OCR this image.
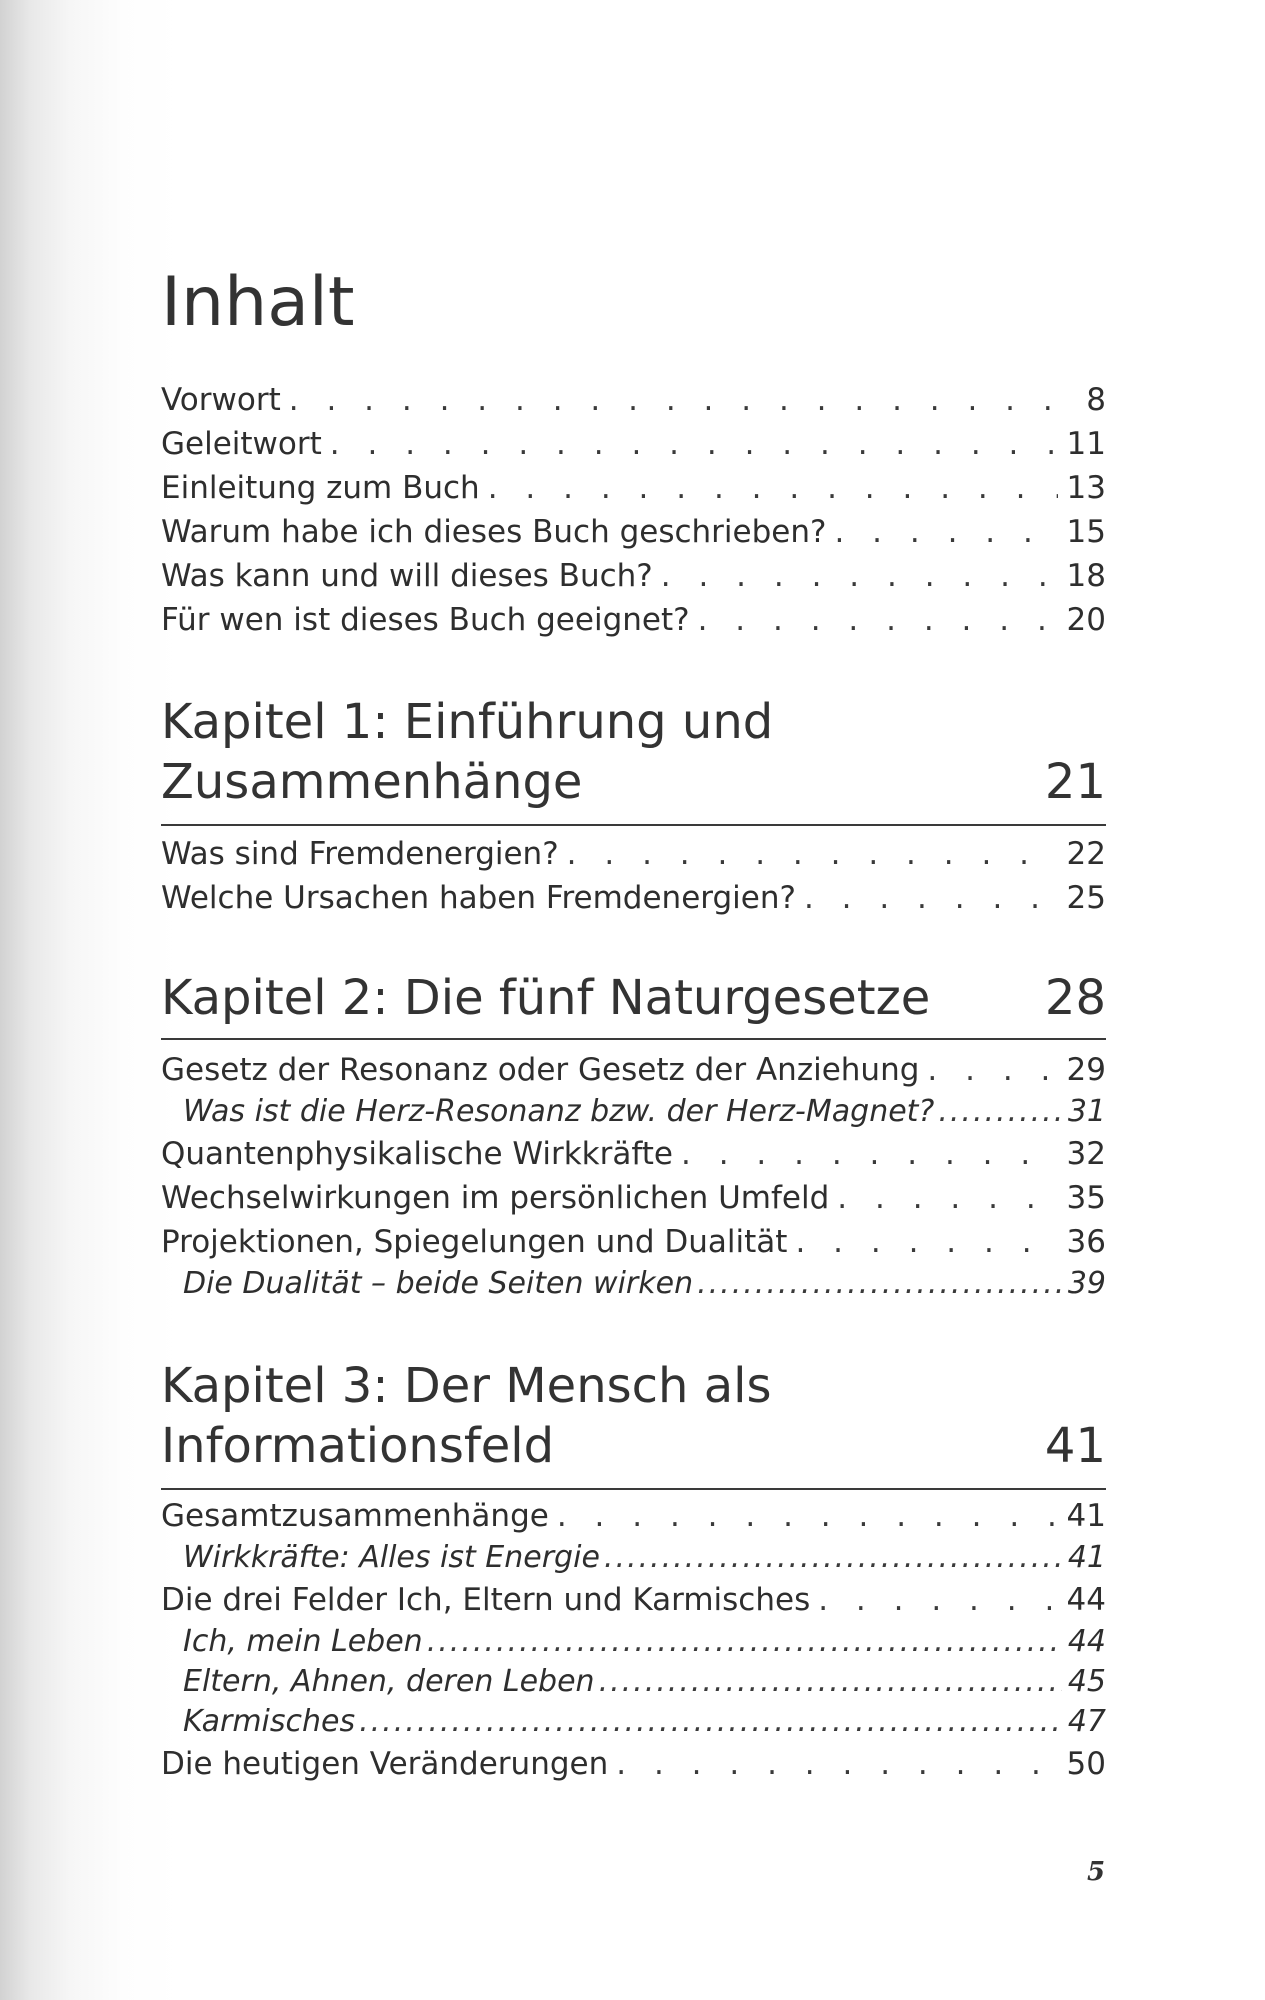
Inhalt
Vorwort . . .	8
Geleitwort . . .	11
Einleitung zum Buch . . .	13
Warum habe ich dieses Buch geschrieben? . . .	15
Was kann und will dieses Buch? . . .	18
Für wen ist dieses Buch geeignet? . . .	20
Kapitel 1: Einführung und
Zusammenhänge	21
Was sind Fremdenergien? . . .	22
Welche Ursachen haben Fremdenergien? . . .	25
Kapitel 2: Die fünf Naturgesetze 28
Gesetz der Resonanz oder Gesetz der Anziehung . . .	29
Was ist die Herz-Resonanz bzw. der Herz-Magnet? .....	31
Quantenphysikalische Wirkkräfte . . .	32
Wechselwirkungen im persönlichen Umfeld . . .	35
Projektionen, Spiegelungen und Dualität . . .	36
Die Dualität – beide Seiten wirken .....	39
Kapitel 3: Der Mensch als
Informationsfeld	41
Gesamtzusammenhänge . . .	41
Wirkkräfte: Alles ist Energie .....	41
Die drei Felder Ich, Eltern und Karmisches . . .	44
Ich, mein Leben .....	44
Eltern, Ahnen, deren Leben .....	45
Karmisches .....	47
Die heutigen Veränderungen . . .	50
5
